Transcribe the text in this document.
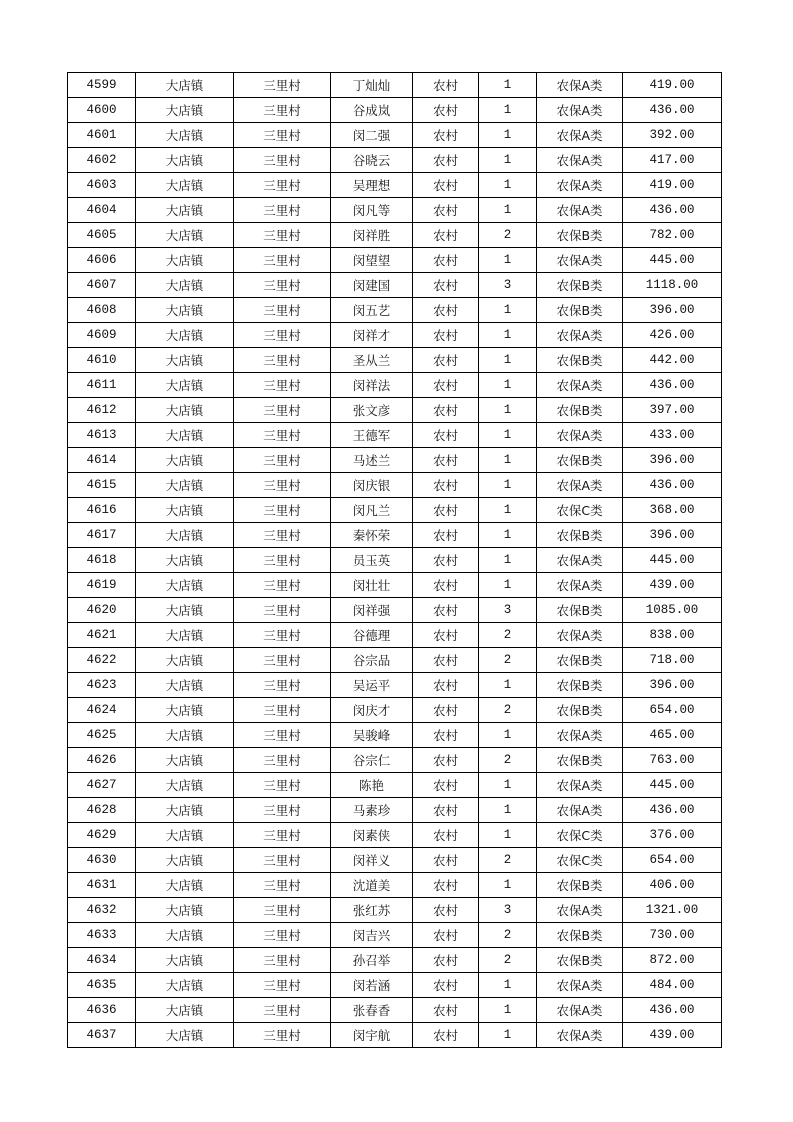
4599	大店镇	三里村	丁灿灿	农村	1	农保A类	419.00
4600	大店镇	三里村	谷成岚	农村	1	农保A类	436.00
4601	大店镇	三里村	闵二强	农村	1	农保A类	392.00
4602	大店镇	三里村	谷晓云	农村	1	农保A类	417.00
4603	大店镇	三里村	吴理想	农村	1	农保A类	419.00
4604	大店镇	三里村	闵凡等	农村	1	农保A类	436.00
4605	大店镇	三里村	闵祥胜	农村	2	农保B类	782.00
4606	大店镇	三里村	闵望望	农村	1	农保A类	445.00
4607	大店镇	三里村	闵建国	农村	3	农保B类	1118.00
4608	大店镇	三里村	闵五艺	农村	1	农保B类	396.00
4609	大店镇	三里村	闵祥才	农村	1	农保A类	426.00
4610	大店镇	三里村	圣从兰	农村	1	农保B类	442.00
4611	大店镇	三里村	闵祥法	农村	1	农保A类	436.00
4612	大店镇	三里村	张文彦	农村	1	农保B类	397.00
4613	大店镇	三里村	王德军	农村	1	农保A类	433.00
4614	大店镇	三里村	马述兰	农村	1	农保B类	396.00
4615	大店镇	三里村	闵庆银	农村	1	农保A类	436.00
4616	大店镇	三里村	闵凡兰	农村	1	农保C类	368.00
4617	大店镇	三里村	秦怀荣	农村	1	农保B类	396.00
4618	大店镇	三里村	员玉英	农村	1	农保A类	445.00
4619	大店镇	三里村	闵壮壮	农村	1	农保A类	439.00
4620	大店镇	三里村	闵祥强	农村	3	农保B类	1085.00
4621	大店镇	三里村	谷德理	农村	2	农保A类	838.00
4622	大店镇	三里村	谷宗品	农村	2	农保B类	718.00
4623	大店镇	三里村	吴运平	农村	1	农保B类	396.00
4624	大店镇	三里村	闵庆才	农村	2	农保B类	654.00
4625	大店镇	三里村	吴骏峰	农村	1	农保A类	465.00
4626	大店镇	三里村	谷宗仁	农村	2	农保B类	763.00
4627	大店镇	三里村	陈艳	农村	1	农保A类	445.00
4628	大店镇	三里村	马素珍	农村	1	农保A类	436.00
4629	大店镇	三里村	闵素侠	农村	1	农保C类	376.00
4630	大店镇	三里村	闵祥义	农村	2	农保C类	654.00
4631	大店镇	三里村	沈道美	农村	1	农保B类	406.00
4632	大店镇	三里村	张红苏	农村	3	农保A类	1321.00
4633	大店镇	三里村	闵吉兴	农村	2	农保B类	730.00
4634	大店镇	三里村	孙召举	农村	2	农保B类	872.00
4635	大店镇	三里村	闵若涵	农村	1	农保A类	484.00
4636	大店镇	三里村	张春香	农村	1	农保A类	436.00
4637	大店镇	三里村	闵宇航	农村	1	农保A类	439.00
